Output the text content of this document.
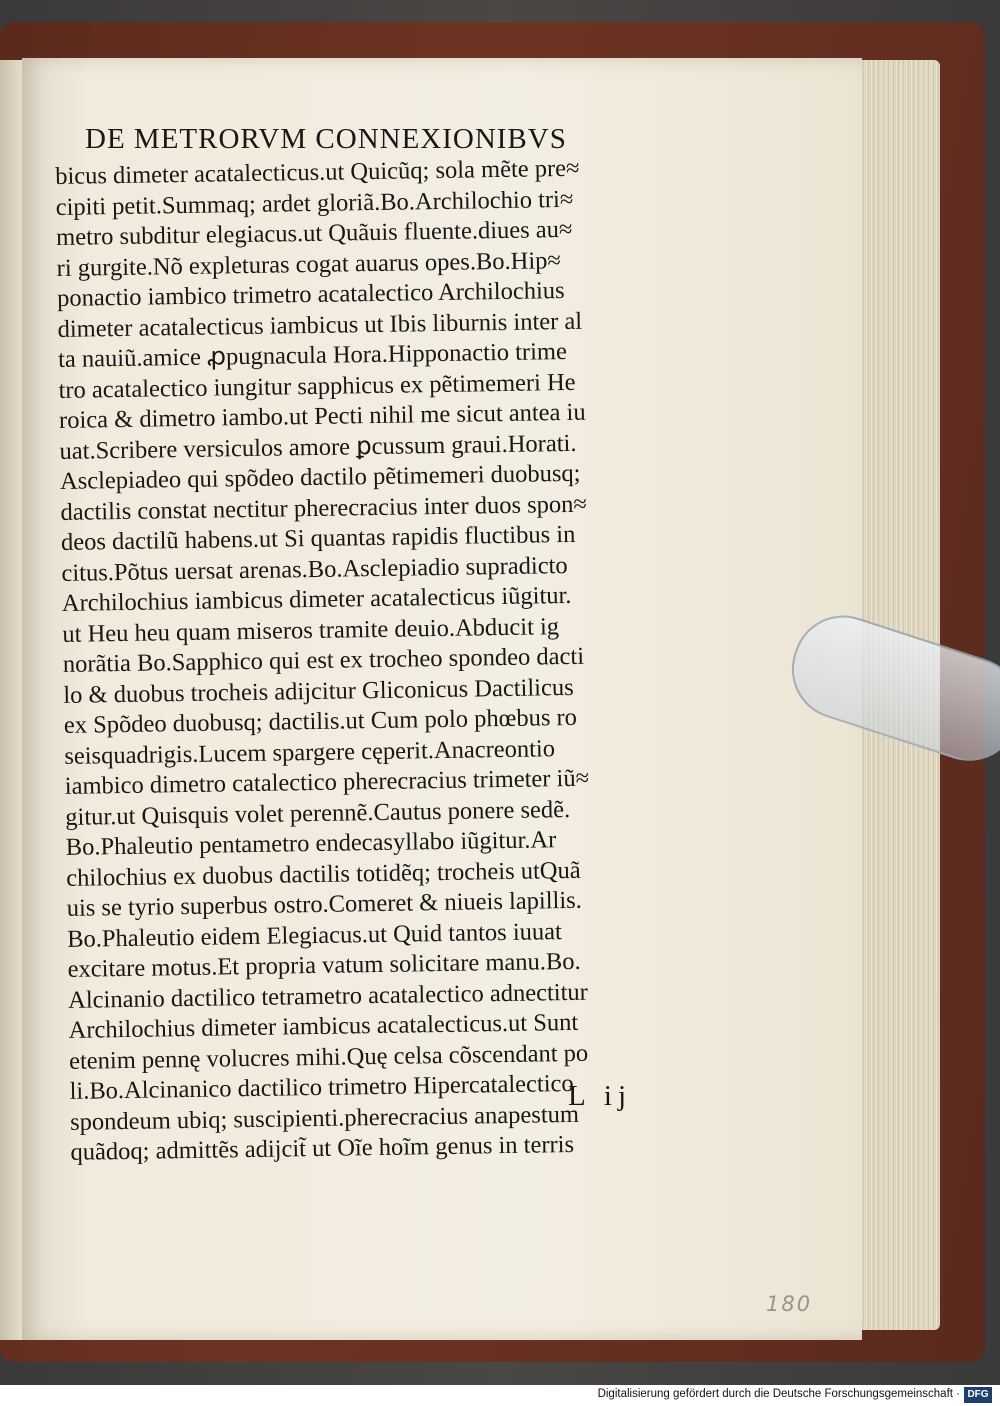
DE METRORVM CONNEXIONIBVS
bicus dimeter acatalecticus.ut Quicũq; sola mẽte pre≈
cipiti petit.Summaq; ardet gloriã.Bo.Archilochio tri≈
metro subditur elegiacus.ut Quãuis fluente.diues au≈
ri gurgite.Nõ expleturas cogat auarus opes.Bo.Hip≈
ponactio iambico trimetro acatalectico Archilochius
dimeter acatalecticus iambicus ut Ibis liburnis inter al
ta nauiũ.amice ꝓpugnacula Hora.Hipponactio trime
tro acatalectico iungitur sapphicus ex pẽtimemeri He
roica & dimetro iambo.ut Pecti nihil me sicut antea iu
uat.Scribere versiculos amore ꝑcussum graui.Horati.
Asclepiadeo qui spõdeo dactilo pẽtimemeri duobusq;
dactilis constat nectitur pherecracius inter duos spon≈
deos dactilũ habens.ut Si quantas rapidis fluctibus in
citus.Põtus uersat arenas.Bo.Asclepiadio supradicto
Archilochius iambicus dimeter acatalecticus iũgitur.
ut Heu heu quam miseros tramite deuio.Abducit ig
norãtia Bo.Sapphico qui est ex trocheo spondeo dacti
lo & duobus trocheis adijcitur Gliconicus Dactilicus
ex Spõdeo duobusq; dactilis.ut Cum polo phœbus ro
seisquadrigis.Lucem spargere cęperit.Anacreontio
iambico dimetro catalectico pherecracius trimeter iũ≈
gitur.ut Quisquis volet perennẽ.Cautus ponere sedẽ.
Bo.Phaleutio pentametro endecasyllabo iũgitur.Ar
chilochius ex duobus dactilis totidẽq; trocheis utQuã
uis se tyrio superbus ostro.Comeret & niueis lapillis.
Bo.Phaleutio eidem Elegiacus.ut Quid tantos iuuat
excitare motus.Et propria vatum solicitare manu.Bo.
Alcinanio dactilico tetrametro acatalectico adnectitur
Archilochius dimeter iambicus acatalecticus.ut Sunt
etenim pennę volucres mihi.Quę celsa cõscendant po
li.Bo.Alcinanico dactilico trimetro Hipercatalectico
spondeum ubiq; suscipienti.pherecracius anapestum
quãdoq; admittẽs adijcit̃ ut Oĩe hoĩm genus in terris
L ij
180
Digitalisierung gefördert durch die Deutsche Forschungsgemeinschaft · DFG
